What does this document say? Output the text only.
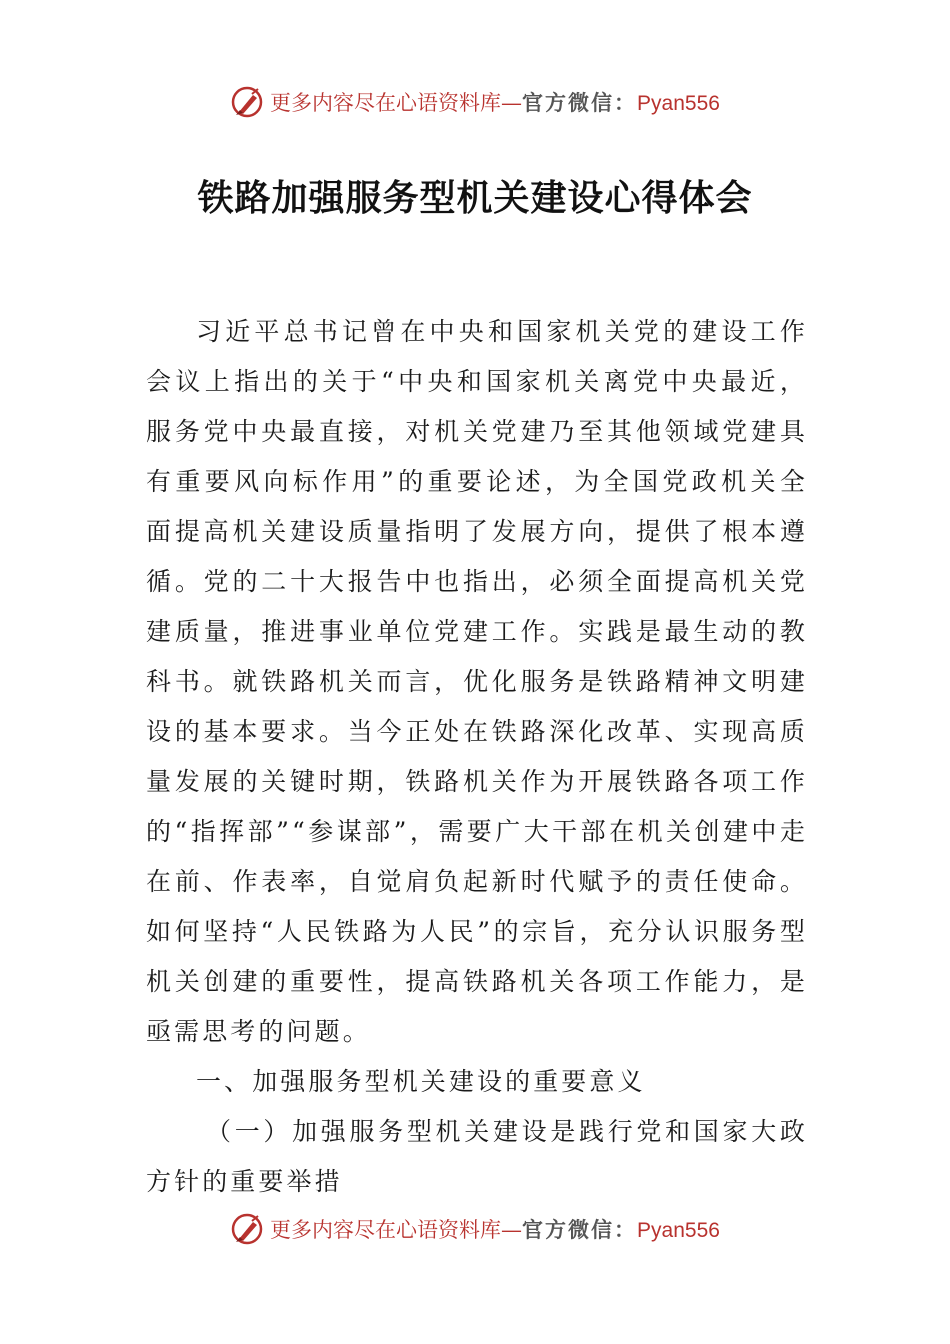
更多内容尽在心语资料库—官方微信：Pyan556
铁路加强服务型机关建设心得体会

习近平总书记曾在中央和国家机关党的建设工作会议上指出的关于“中央和国家机关离党中央最近，服务党中央最直接，对机关党建乃至其他领域党建具有重要风向标作用”的重要论述，为全国党政机关全面提高机关建设质量指明了发展方向，提供了根本遵循。党的二十大报告中也指出，必须全面提高机关党建质量，推进事业单位党建工作。实践是最生动的教科书。就铁路机关而言，优化服务是铁路精神文明建设的基本要求。当今正处在铁路深化改革、实现高质量发展的关键时期，铁路机关作为开展铁路各项工作的“指挥部”“参谋部”，需要广大干部在机关创建中走在前、作表率，自觉肩负起新时代赋予的责任使命。如何坚持“人民铁路为人民”的宗旨，充分认识服务型机关创建的重要性，提高铁路机关各项工作能力，是亟需思考的问题。

一、加强服务型机关建设的重要意义

（一）加强服务型机关建设是践行党和国家大政方针的重要举措

更多内容尽在心语资料库—官方微信：Pyan556
